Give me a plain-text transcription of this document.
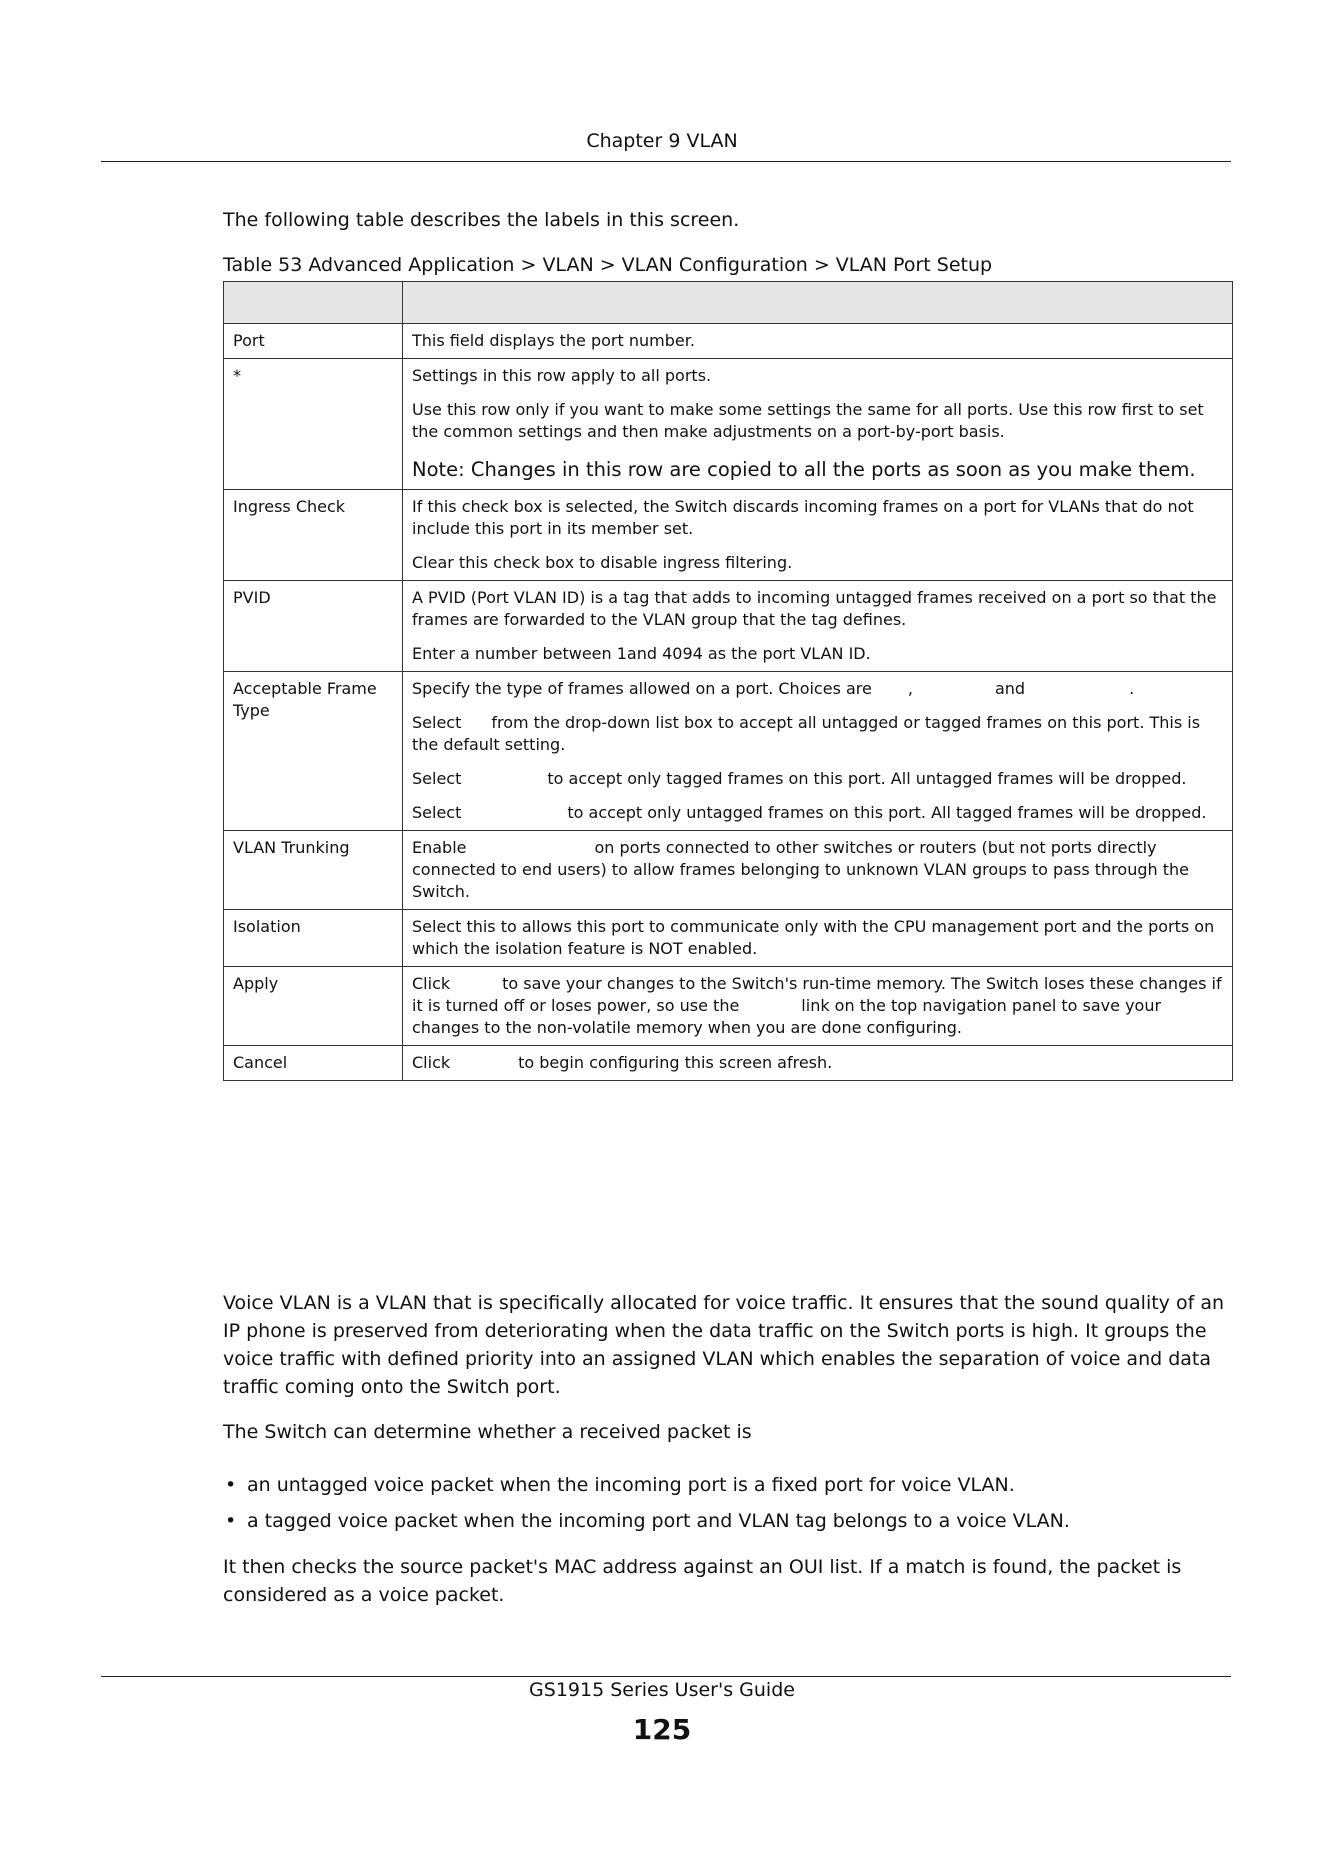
Chapter 9 VLAN
The following table describes the labels in this screen.
Table 53 Advanced Application > VLAN > VLAN Configuration > VLAN Port Setup

Port	This field displays the port number.

*	Settings in this row apply to all ports.

Use this row only if you want to make some settings the same for all ports. Use this row first to set the common settings and then make adjustments on a port-by-port basis.

Note: Changes in this row are copied to all the ports as soon as you make them.

Ingress Check	If this check box is selected, the Switch discards incoming frames on a port for VLANs that do not include this port in its member set.

Clear this check box to disable ingress filtering.

PVID	A PVID (Port VLAN ID) is a tag that adds to incoming untagged frames received on a port so that the frames are forwarded to the VLAN group that the tag defines.

Enter a number between 1and 4094 as the port VLAN ID.

Acceptable Frame Type	Specify the type of frames allowed on a port. Choices are , and .

Select from the drop-down list box to accept all untagged or tagged frames on this port. This is the default setting.

Select to accept only tagged frames on this port. All untagged frames will be dropped.

Select to accept only untagged frames on this port. All tagged frames will be dropped.

VLAN Trunking	Enable on ports connected to other switches or routers (but not ports directly connected to end users) to allow frames belonging to unknown VLAN groups to pass through the Switch.

Isolation	Select this to allows this port to communicate only with the CPU management port and the ports on which the isolation feature is NOT enabled.

Apply	Click to save your changes to the Switch's run-time memory. The Switch loses these changes if it is turned off or loses power, so use the link on the top navigation panel to save your changes to the non-volatile memory when you are done configuring.

Cancel	Click to begin configuring this screen afresh.

Voice VLAN is a VLAN that is specifically allocated for voice traffic. It ensures that the sound quality of an IP phone is preserved from deteriorating when the data traffic on the Switch ports is high. It groups the voice traffic with defined priority into an assigned VLAN which enables the separation of voice and data traffic coming onto the Switch port.
The Switch can determine whether a received packet is
• an untagged voice packet when the incoming port is a fixed port for voice VLAN.
• a tagged voice packet when the incoming port and VLAN tag belongs to a voice VLAN.
It then checks the source packet's MAC address against an OUI list. If a match is found, the packet is considered as a voice packet.
GS1915 Series User's Guide
125
